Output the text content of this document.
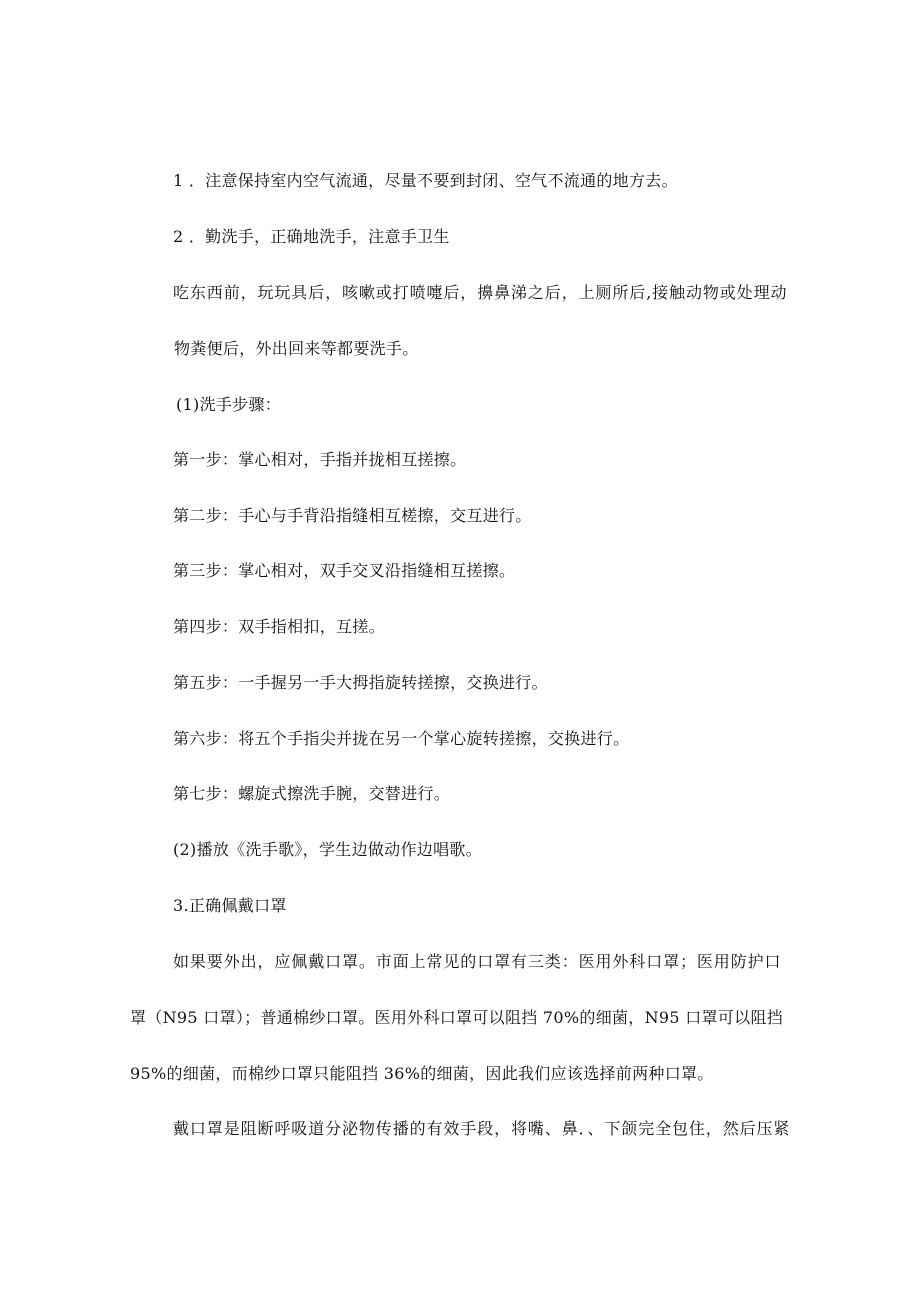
1 ．注意保持室内空气流通，尽量不要到封闭、空气不流通的地方去。
2 ．勤洗手，正确地洗手，注意手卫生
吃东西前，玩玩具后，咳嗽或打喷嚏后，擤鼻涕之后，上厕所后,接触动物或处理动
物粪便后，外出回来等都要洗手。
(1)洗手步骤：
第一步：掌心相对，手指并拢相互搓擦。
第二步：手心与手背沿指缝相互槎擦，交互进行。
第三步：掌心相对，双手交叉沿指缝相互搓擦。
第四步：双手指相扣，互搓。
第五步：一手握另一手大拇指旋转搓擦，交换进行。
第六步：将五个手指尖并拢在另一个掌心旋转搓擦，交换进行。
第七步：螺旋式擦洗手腕，交替进行。
(2)播放《洗手歌》，学生边做动作边唱歌。
3.正确佩戴口罩
如果要外出，应佩戴口罩。市面上常见的口罩有三类：医用外科口罩；医用防护口
罩（N95 口罩）；普通棉纱口罩。医用外科口罩可以阻挡 70%的细菌，N95 口罩可以阻挡
95%的细菌，而棉纱口罩只能阻挡 36%的细菌，因此我们应该选择前两种口罩。
戴口罩是阻断呼吸道分泌物传播的有效手段，将嘴、鼻．、下颌完全包住，然后压紧
